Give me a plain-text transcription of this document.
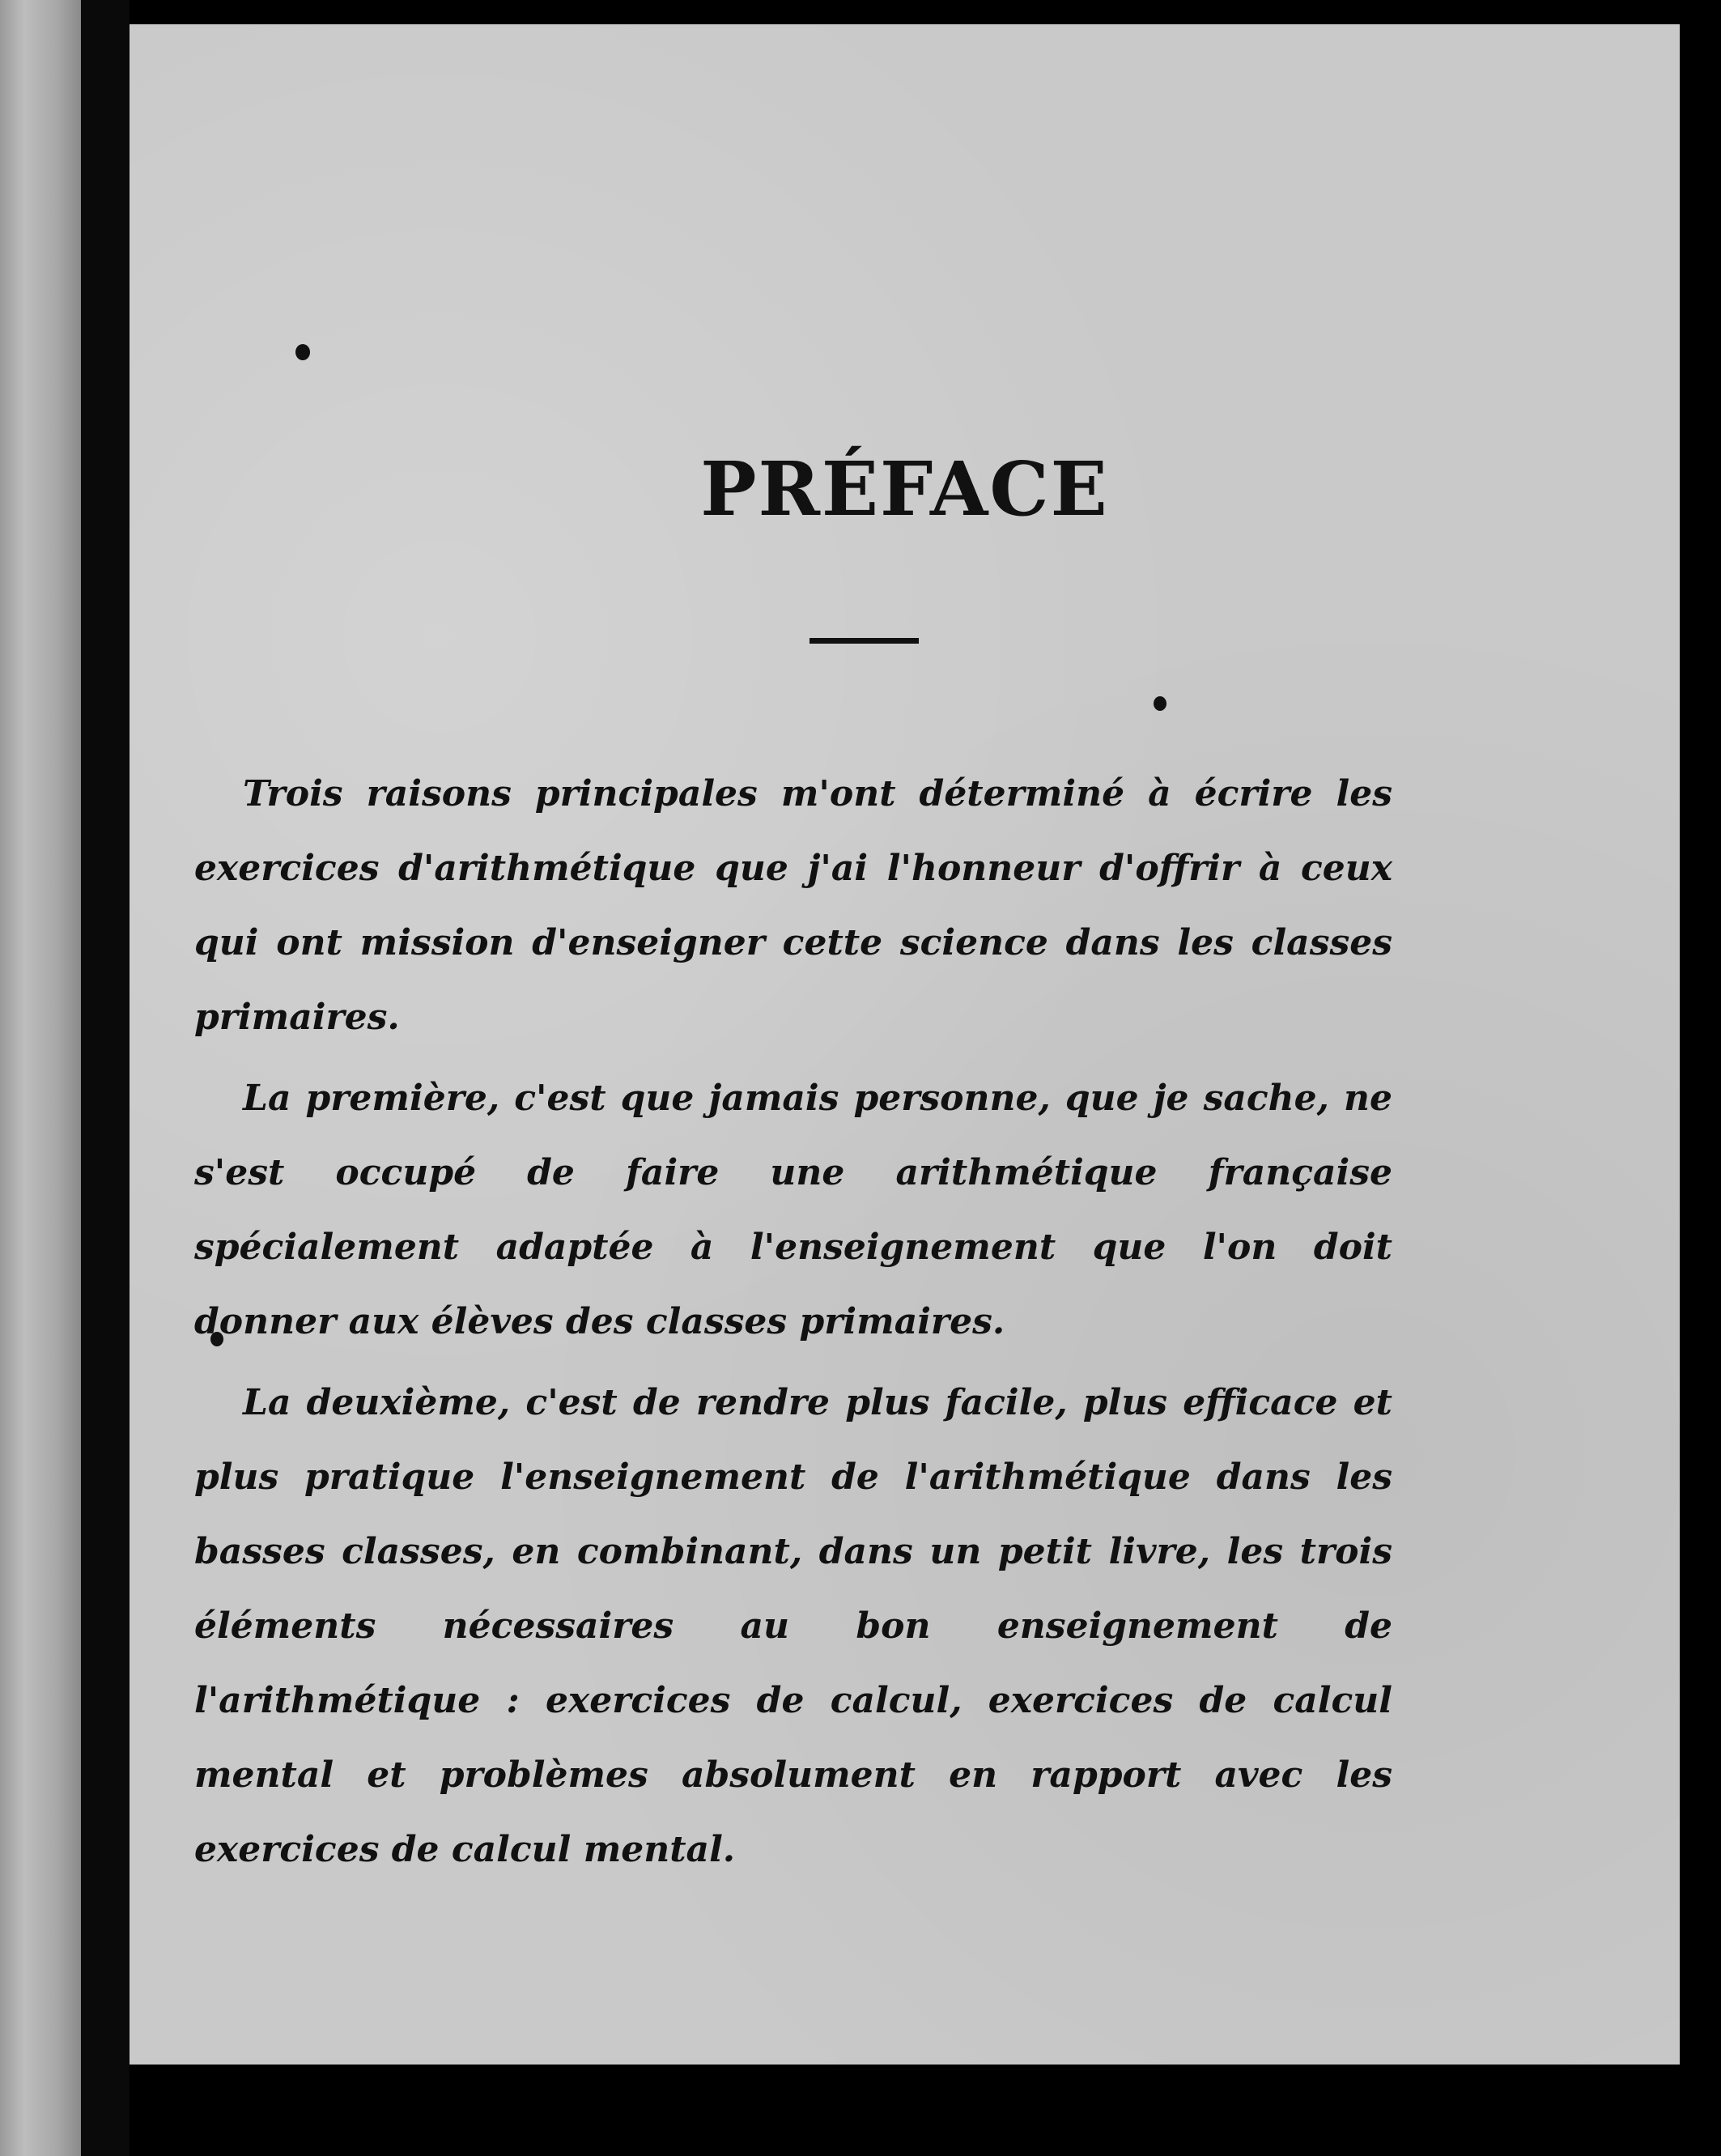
PRÉFACE

Trois raisons principales m'ont déterminé à écrire les exercices d'arithmétique que j'ai l'honneur d'offrir à ceux qui ont mission d'enseigner cette science dans les classes primaires.

La première, c'est que jamais personne, que je sache, ne s'est occupé de faire une arithmétique française spécialement adaptée à l'enseignement que l'on doit donner aux élèves des classes primaires.

La deuxième, c'est de rendre plus facile, plus efficace et plus pratique l'enseignement de l'arithmétique dans les basses classes, en combinant, dans un petit livre, les trois éléments nécessaires au bon enseignement de l'arithmétique : exercices de calcul, exercices de calcul mental et problèmes absolument en rapport avec les exercices de calcul mental.
